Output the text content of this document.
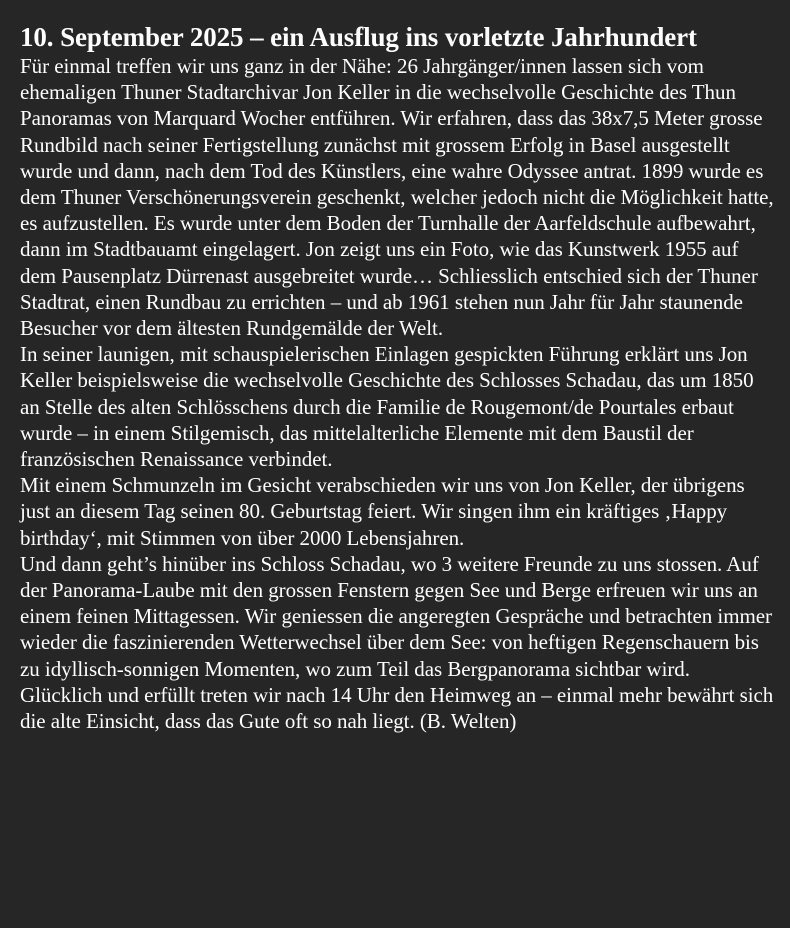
10. September 2025 – ein Ausflug ins vorletzte Jahrhundert

Für einmal treffen wir uns ganz in der Nähe: 26 Jahrgänger/innen lassen sich vom ehemaligen Thuner Stadtarchivar Jon Keller in die wechselvolle Geschichte des Thun Panoramas von Marquard Wocher entführen. Wir erfahren, dass das 38x7,5 Meter grosse Rundbild nach seiner Fertigstellung zunächst mit grossem Erfolg in Basel ausgestellt wurde und dann, nach dem Tod des Künstlers, eine wahre Odyssee antrat. 1899 wurde es dem Thuner Verschönerungsverein geschenkt, welcher jedoch nicht die Möglichkeit hatte, es aufzustellen. Es wurde unter dem Boden der Turnhalle der Aarfeldschule aufbewahrt, dann im Stadtbauamt eingelagert. Jon zeigt uns ein Foto, wie das Kunstwerk 1955 auf dem Pausenplatz Dürrenast ausgebreitet wurde… Schliesslich entschied sich der Thuner Stadtrat, einen Rundbau zu errichten – und ab 1961 stehen nun Jahr für Jahr staunende Besucher vor dem ältesten Rundgemälde der Welt.

In seiner launigen, mit schauspielerischen Einlagen gespickten Führung erklärt uns Jon Keller beispielsweise die wechselvolle Geschichte des Schlosses Schadau, das um 1850 an Stelle des alten Schlösschens durch die Familie de Rougemont/de Pourtales erbaut wurde – in einem Stilgemisch, das mittelalterliche Elemente mit dem Baustil der französischen Renaissance verbindet.

Mit einem Schmunzeln im Gesicht verabschieden wir uns von Jon Keller, der übrigens just an diesem Tag seinen 80. Geburtstag feiert. Wir singen ihm ein kräftiges ‚Happy birthday‘, mit Stimmen von über 2000 Lebensjahren.

Und dann geht’s hinüber ins Schloss Schadau, wo 3 weitere Freunde zu uns stossen. Auf der Panorama-Laube mit den grossen Fenstern gegen See und Berge erfreuen wir uns an einem feinen Mittagessen. Wir geniessen die angeregten Gespräche und betrachten immer wieder die faszinierenden Wetterwechsel über dem See: von heftigen Regenschauern bis zu idyllisch-sonnigen Momenten, wo zum Teil das Bergpanorama sichtbar wird.

Glücklich und erfüllt treten wir nach 14 Uhr den Heimweg an – einmal mehr bewährt sich die alte Einsicht, dass das Gute oft so nah liegt. (B. Welten)
